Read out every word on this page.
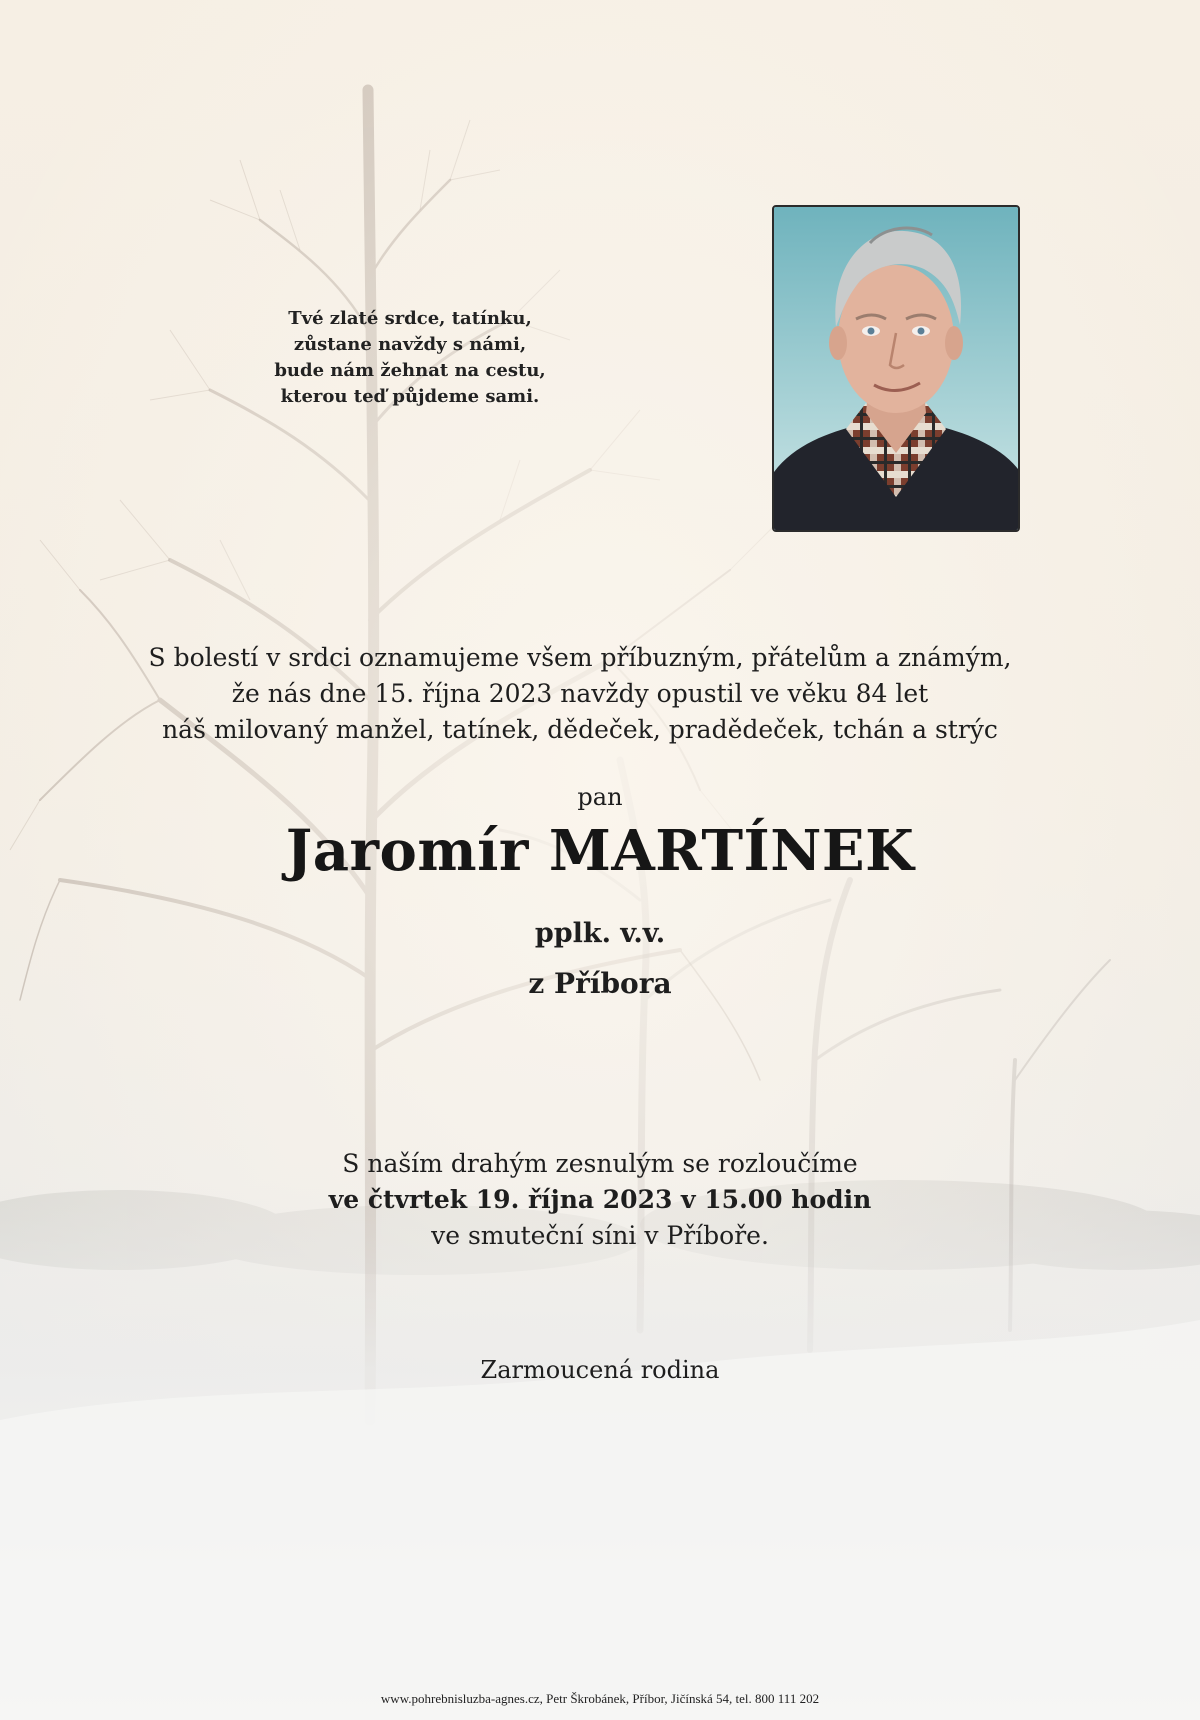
Tvé zlaté srdce, tatínku,
zůstane navždy s námi,
bude nám žehnat na cestu,
kterou teď půjdeme sami.
S bolestí v srdci oznamujeme všem příbuzným, přátelům a známým,
že nás dne 15. října 2023 navždy opustil ve věku 84 let
náš milovaný manžel, tatínek, dědeček, pradědeček, tchán a strýc
pan
Jaromír MARTÍNEK
pplk. v.v.
z Příbora
S naším drahým zesnulým se rozloučíme
ve čtvrtek 19. října 2023 v 15.00 hodin
ve smuteční síni v Příboře.
Zarmoucená rodina
www.pohrebnisluzba-agnes.cz, Petr Škrobánek, Příbor, Jičínská 54, tel. 800 111 202
